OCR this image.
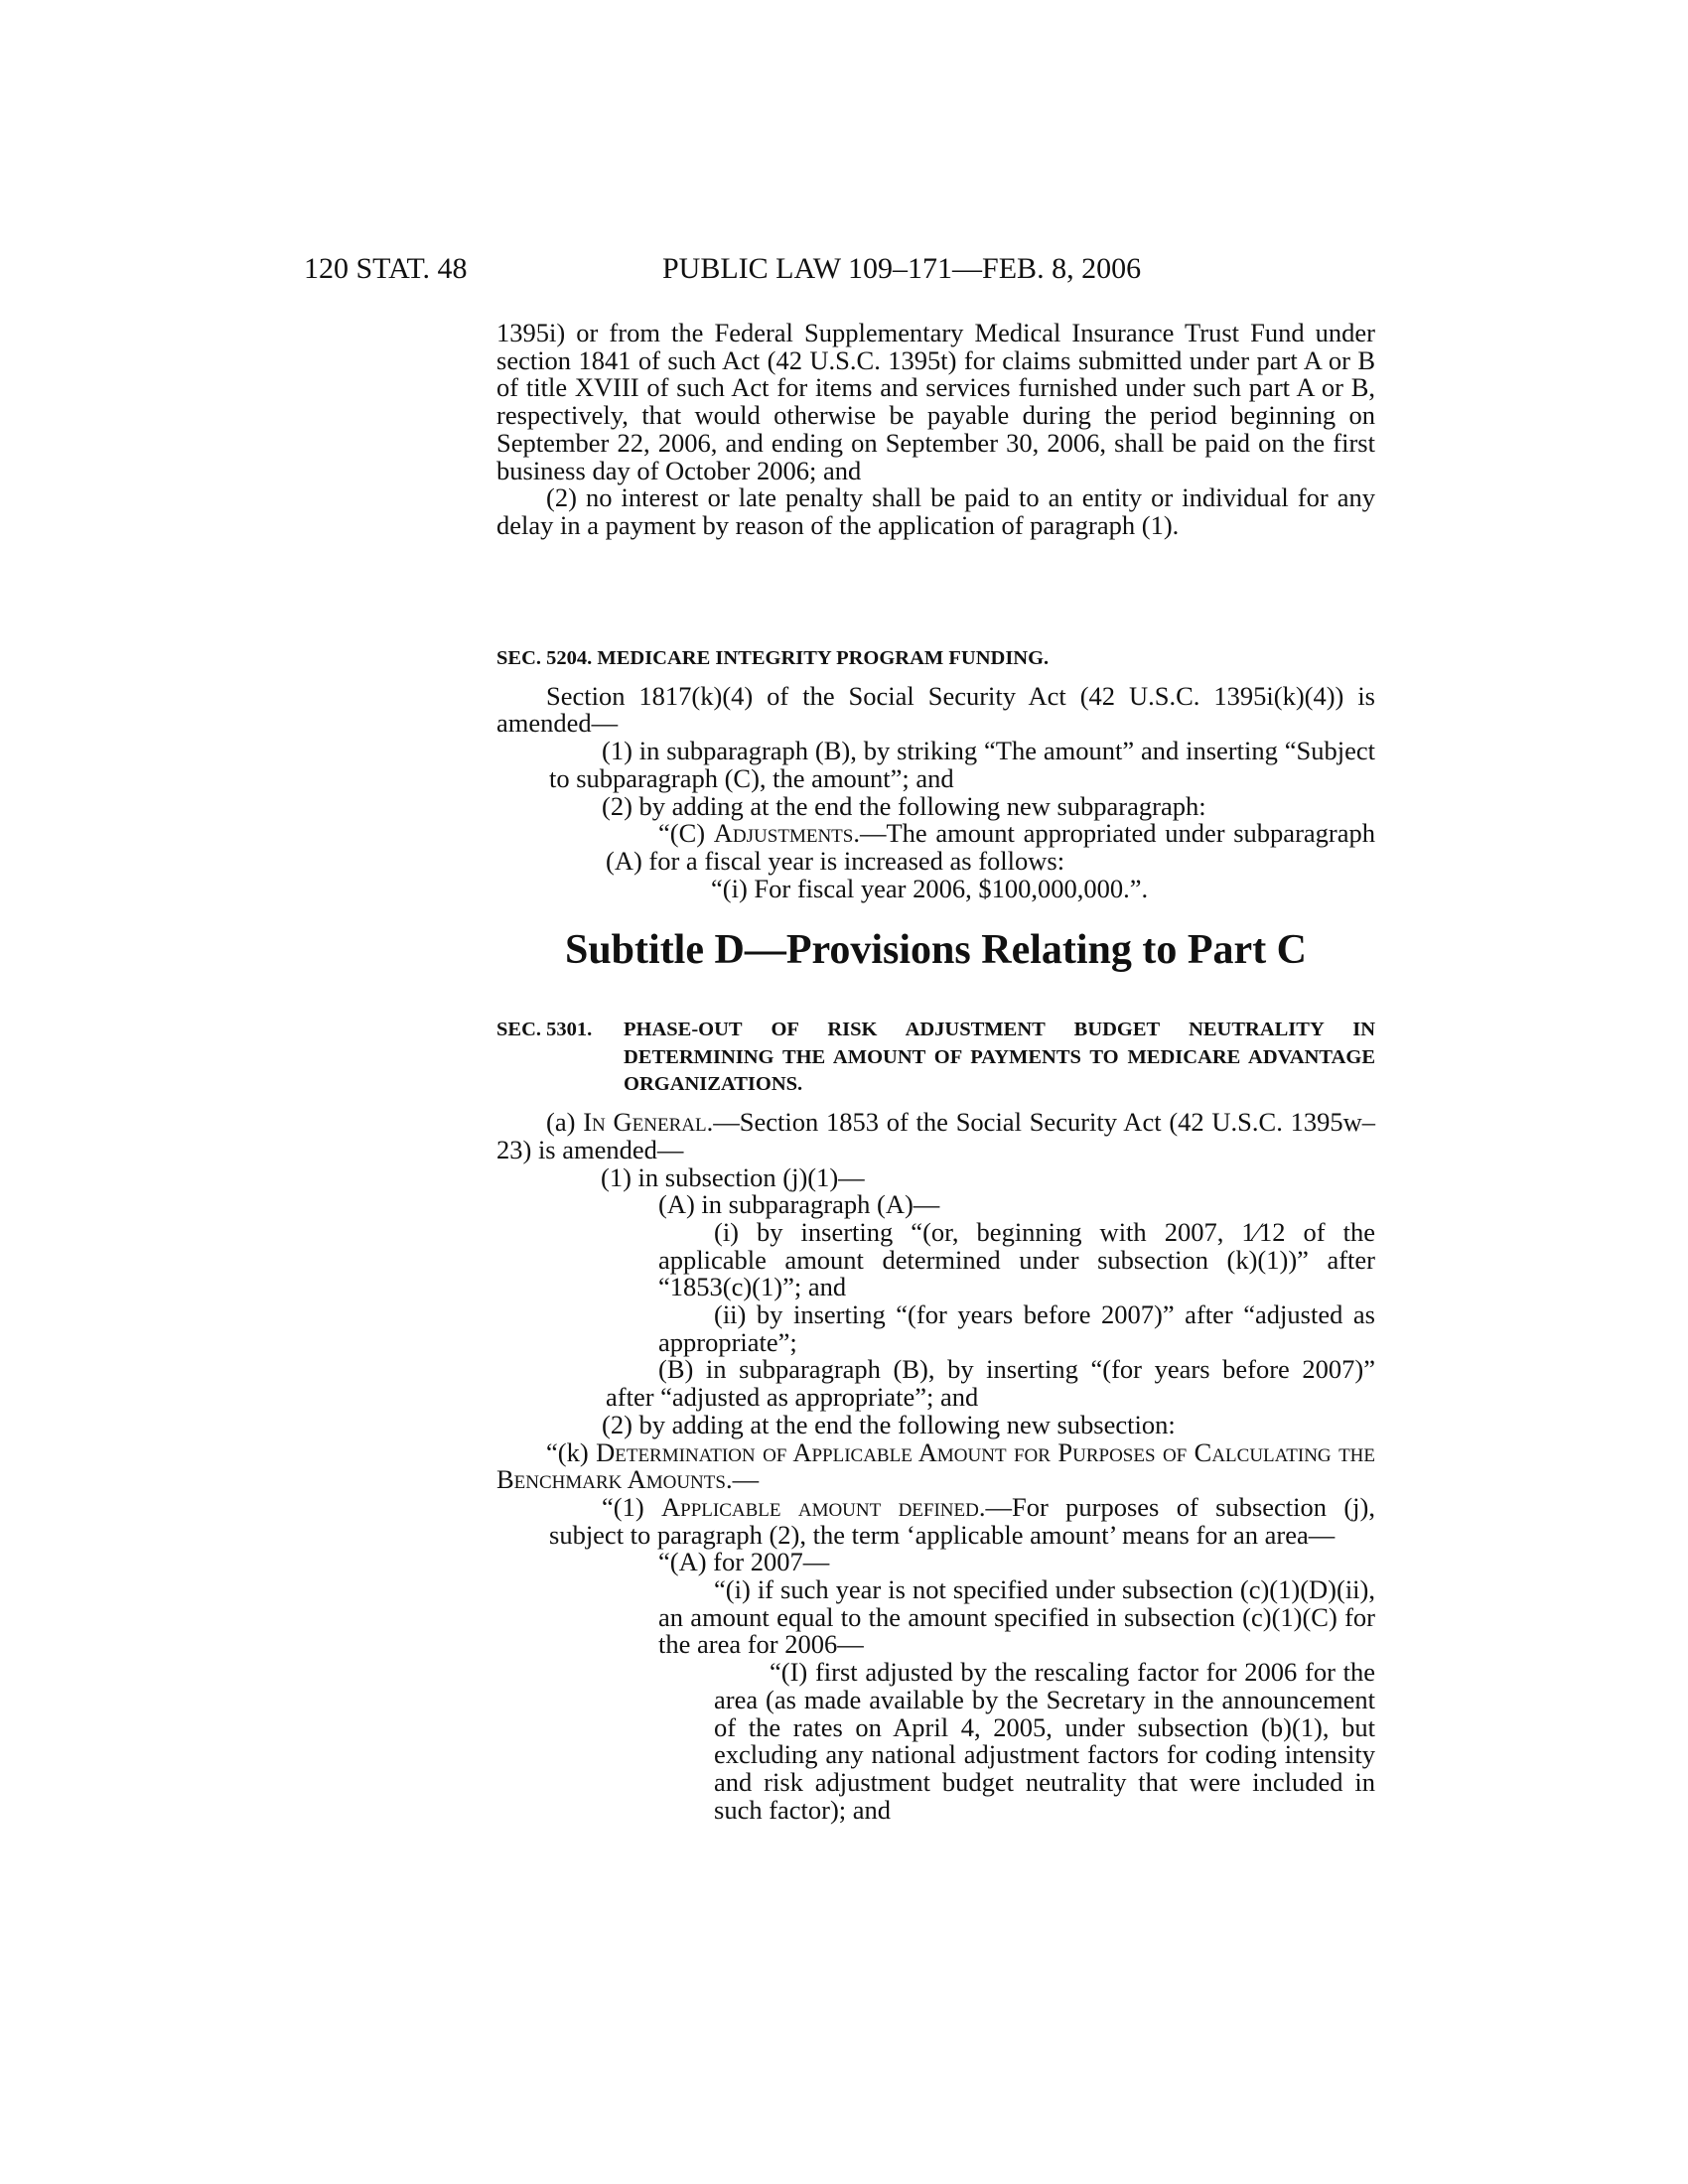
120 STAT. 48	PUBLIC LAW 109–171—FEB. 8, 2006

1395i) or from the Federal Supplementary Medical Insurance Trust Fund under section 1841 of such Act (42 U.S.C. 1395t) for claims submitted under part A or B of title XVIII of such Act for items and services furnished under such part A or B, respectively, that would otherwise be payable during the period beginning on September 22, 2006, and ending on September 30, 2006, shall be paid on the first business day of October 2006; and

(2) no interest or late penalty shall be paid to an entity or individual for any delay in a payment by reason of the application of paragraph (1).

SEC. 5204. MEDICARE INTEGRITY PROGRAM FUNDING.

Section 1817(k)(4) of the Social Security Act (42 U.S.C. 1395i(k)(4)) is amended—

(1) in subparagraph (B), by striking “The amount” and inserting “Subject to subparagraph (C), the amount”; and

(2) by adding at the end the following new subparagraph:

“(C) Adjustments.—The amount appropriated under subparagraph (A) for a fiscal year is increased as follows:

“(i) For fiscal year 2006, $100,000,000.”.

Subtitle D—Provisions Relating to Part C
SEC. 5301.	PHASE-OUT OF RISK ADJUSTMENT BUDGET NEUTRALITY IN DETERMINING THE AMOUNT OF PAYMENTS TO MEDICARE ADVANTAGE ORGANIZATIONS.

(a) In General.—Section 1853 of the Social Security Act (42 U.S.C. 1395w–23) is amended—

(1) in subsection (j)(1)—

(A) in subparagraph (A)—

(i) by inserting “(or, beginning with 2007, 1⁄12 of the applicable amount determined under subsection (k)(1))” after “1853(c)(1)”; and

(ii) by inserting “(for years before 2007)” after “adjusted as appropriate”;

(B) in subparagraph (B), by inserting “(for years before 2007)” after “adjusted as appropriate”; and

(2) by adding at the end the following new subsection:

“(k) Determination of Applicable Amount for Purposes of Calculating the Benchmark Amounts.—

“(1) Applicable amount defined.—For purposes of subsection (j), subject to paragraph (2), the term ‘applicable amount’ means for an area—

“(A) for 2007—

“(i) if such year is not specified under subsection (c)(1)(D)(ii), an amount equal to the amount specified in subsection (c)(1)(C) for the area for 2006—

“(I) first adjusted by the rescaling factor for 2006 for the area (as made available by the Secretary in the announcement of the rates on April 4, 2005, under subsection (b)(1), but excluding any national adjustment factors for coding intensity and risk adjustment budget neutrality that were included in such factor); and
